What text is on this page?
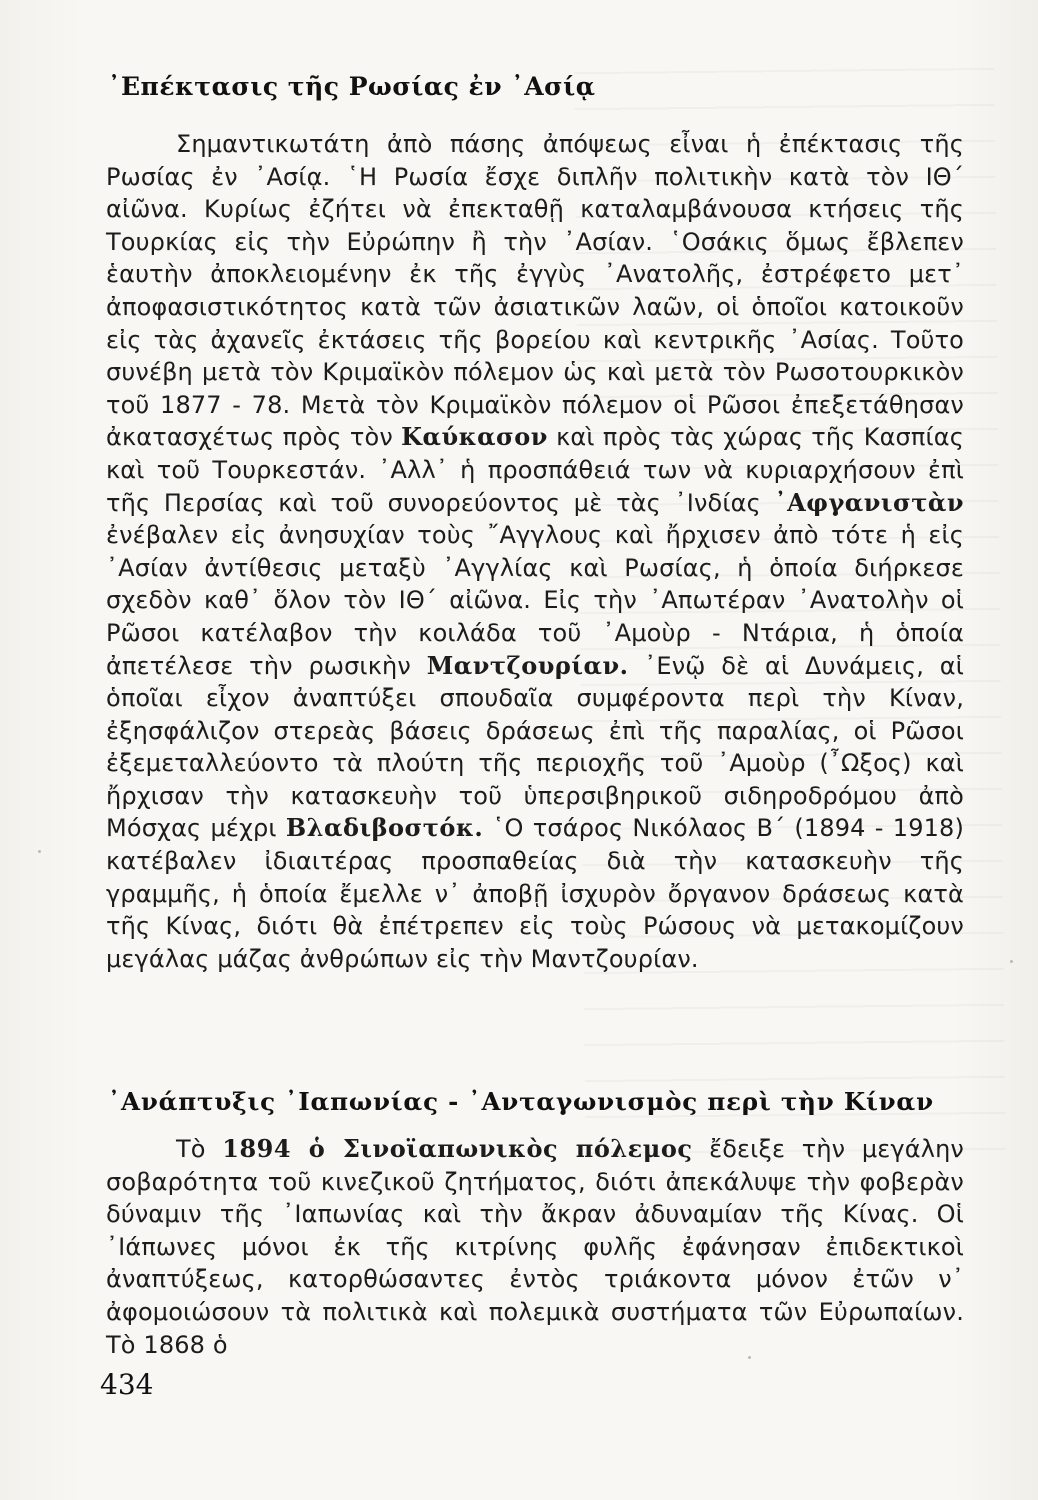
᾿Επέκτασις τῆς Ρωσίας ἐν ᾿Ασίᾳ

Σημαντικωτάτη ἀπὸ πάσης ἀπόψεως εἶναι ἡ ἐπέκτασις τῆς Ρωσίας ἐν ᾿Ασίᾳ. ῾Η Ρωσία ἔσχε διπλῆν πολιτικὴν κατὰ τὸν ΙΘ´ αἰῶνα. Κυρίως ἐζήτει νὰ ἐπεκταθῇ καταλαμβάνουσα κτήσεις τῆς Τουρκίας εἰς τὴν Εὐρώπην ἢ τὴν ᾿Ασίαν. ῾Οσάκις ὅμως ἔβλεπεν ἑαυτὴν ἀποκλειομένην ἐκ τῆς ἐγγὺς ᾿Ανατολῆς, ἐστρέφετο μετ᾿ ἀποφασιστικότητος κατὰ τῶν ἀσιατικῶν λαῶν, οἱ ὁποῖοι κατοικοῦν εἰς τὰς ἀχανεῖς ἐκτάσεις τῆς βορείου καὶ κεντρικῆς ᾿Ασίας. Τοῦτο συνέβη μετὰ τὸν Κριμαϊκὸν πόλεμον ὡς καὶ μετὰ τὸν Ρωσοτουρκικὸν τοῦ 1877 - 78. Μετὰ τὸν Κριμαϊκὸν πόλεμον οἱ Ρῶσοι ἐπεξετάθησαν ἀκατασχέτως πρὸς τὸν Καύκασον καὶ πρὸς τὰς χώρας τῆς Κασπίας καὶ τοῦ Τουρκεστάν. ᾿Αλλ᾿ ἡ προσπάθειά των νὰ κυριαρχήσουν ἐπὶ τῆς Περσίας καὶ τοῦ συνορεύοντος μὲ τὰς ᾿Ινδίας ᾿Αφγανιστὰν ἐνέβαλεν εἰς ἀνησυχίαν τοὺς ῎Αγγλους καὶ ἤρχισεν ἀπὸ τότε ἡ εἰς ᾿Ασίαν ἀντίθεσις μεταξὺ ᾿Αγγλίας καὶ Ρωσίας, ἡ ὁποία διήρκεσε σχεδὸν καθ᾿ ὅλον τὸν ΙΘ´ αἰῶνα. Εἰς τὴν ᾿Απωτέραν ᾿Ανατολὴν οἱ Ρῶσοι κατέλαβον τὴν κοιλάδα τοῦ ᾿Αμοὺρ - Ντάρια, ἡ ὁποία ἀπετέλεσε τὴν ρωσικὴν Μαντζουρίαν. ᾿Ενῷ δὲ αἱ Δυνάμεις, αἱ ὁποῖαι εἶχον ἀναπτύξει σπουδαῖα συμφέροντα περὶ τὴν Κίναν, ἐξησφάλιζον στερεὰς βάσεις δράσεως ἐπὶ τῆς παραλίας, οἱ Ρῶσοι ἐξεμεταλλεύοντο τὰ πλούτη τῆς περιοχῆς τοῦ ᾿Αμοὺρ (῏Ωξος) καὶ ἤρχισαν τὴν κατασκευὴν τοῦ ὑπερσιβηρικοῦ σιδηροδρόμου ἀπὸ Μόσχας μέχρι Βλαδιβοστόκ. ῾Ο τσάρος Νικόλαος Β´ (1894 - 1918) κατέβαλεν ἰδιαιτέρας προσπαθείας διὰ τὴν κατασκευὴν τῆς γραμμῆς, ἡ ὁποία ἔμελλε ν᾿ ἀποβῇ ἰσχυρὸν ὄργανον δράσεως κατὰ τῆς Κίνας, διότι θὰ ἐπέτρεπεν εἰς τοὺς Ρώσους νὰ μετακομίζουν μεγάλας μάζας ἀνθρώπων εἰς τὴν Μαντζουρίαν.

᾿Ανάπτυξις ᾿Ιαπωνίας - ᾿Ανταγωνισμὸς περὶ τὴν Κίναν

Τὸ 1894 ὁ Σινοϊαπωνικὸς πόλεμος ἔδειξε τὴν μεγάλην σοβαρότητα τοῦ κινεζικοῦ ζητήματος, διότι ἀπεκάλυψε τὴν φοβερὰν δύναμιν τῆς ᾿Ιαπωνίας καὶ τὴν ἄκραν ἀδυναμίαν τῆς Κίνας. Οἱ ᾿Ιάπωνες μόνοι ἐκ τῆς κιτρίνης φυλῆς ἐφάνησαν ἐπιδεκτικοὶ ἀναπτύξεως, κατορθώσαντες ἐντὸς τριάκοντα μόνον ἐτῶν ν᾿ ἀφομοιώσουν τὰ πολιτικὰ καὶ πολεμικὰ συστήματα τῶν Εὐρωπαίων. Τὸ 1868 ὁ

434
